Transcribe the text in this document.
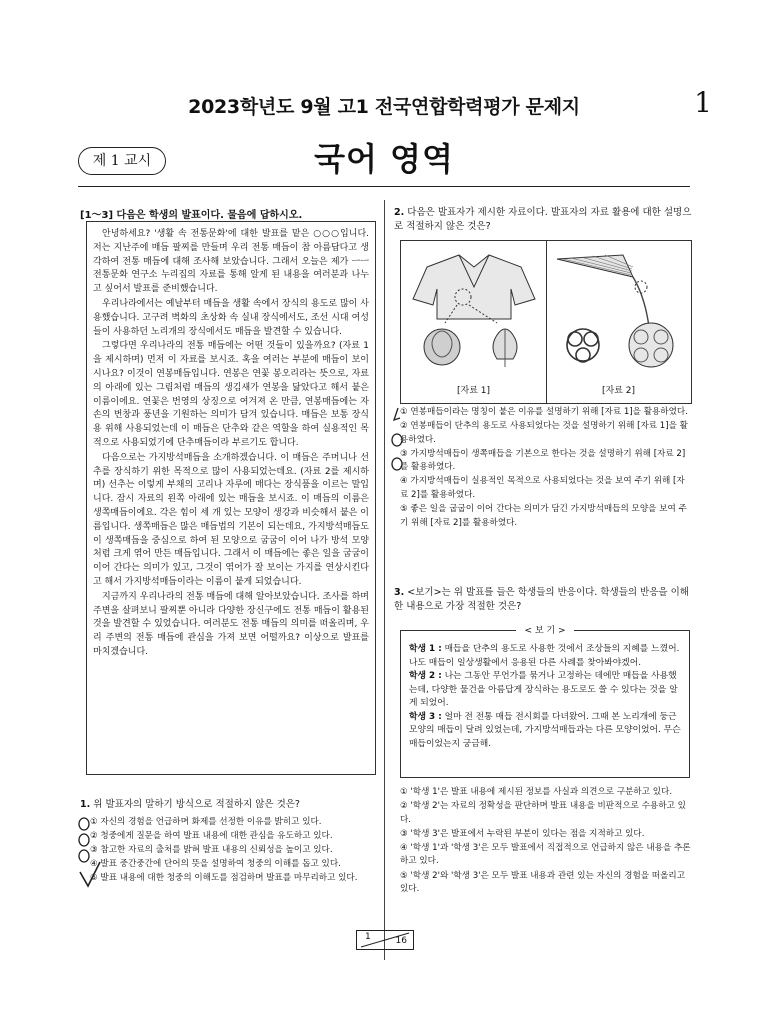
2023학년도 9월 고1 전국연합학력평가 문제지	1
제 1 교시	국어 영역
[1～3] 다음은 학생의 발표이다. 물음에 답하시오.

안녕하세요? '생활 속 전통문화'에 대한 발표를 맡은 ○○○입니다. 저는 지난주에 매듭 팔찌를 만들며 우리 전통 매듭이 참 아름답다고 생각하여 전통 매듭에 대해 조사해 보았습니다. 그래서 오늘은 제가 ㅡㅡ전통문화 연구소 누리집의 자료를 통해 알게 된 내용을 여러분과 나누고 싶어서 발표를 준비했습니다.

우리나라에서는 예날부터 매듭을 생활 속에서 장식의 용도로 많이 사용했습니다. 고구려 벽화의 초상화 속 실내 장식에서도, 조선 시대 여성들이 사용하던 노리개의 장식에서도 매듭을 발견할 수 있습니다.

그렇다면 우리나라의 전통 매듭에는 어떤 것들이 있을까요? (자료 1을 제시하며) 먼저 이 자료를 보시죠. 혹을 여러는 부분에 매듭이 보이시나요? 이것이 연봉매듭입니다. 연봉은 연꽃 봉오리라는 뜻으로, 자료의 아래에 있는 그림처럼 매듭의 생김새가 연봉을 닮았다고 해서 붙은 이름이에요. 연꽃은 번영의 상징으로 여겨져 온 만큼, 연봉매듭에는 자손의 번창과 풍년을 기원하는 의미가 담겨 있습니다. 매듭은 보통 장식용 위해 사용되었는데 이 매듭은 단추와 같은 역할을 하여 실용적인 목적으로 사용되었기에 단추매듭이라 부르기도 합니다.

다음으로는 가지방석매듭을 소개하겠습니다. 이 매듭은 주머니나 선추를 장식하기 위한 목적으로 많이 사용되었는데요. (자료 2를 제시하며) 선추는 이렇게 부채의 고리나 자루에 매다는 장식품을 이르는 말입니다. 잠시 자료의 왼쪽 아래에 있는 매듭을 보시죠. 이 매듭의 이름은 생쪽매듭이에요. 각은 힘이 세 개 있는 모양이 생강과 비슷해서 붙은 이름입니다. 생쪽매듭은 많은 매듭법의 기본이 되는데요, 가지방석매듭도 이 생쪽매듭을 중심으로 하여 된 모양으로 굽굽이 이어 나가 방석 모양처럼 크게 엮어 만든 매듭입니다. 그래서 이 매듭에는 좋은 일을 굽굽이 이어 간다는 의미가 있고, 그것이 엮어가 잘 보이는 가지를 연상시킨다고 해서 가지방석매듭이라는 이름이 붙게 되었습니다.

지금까지 우리나라의 전통 매듭에 대해 알아보았습니다. 조사를 하며 주변을 살펴보니 팔찌뿐 아니라 다양한 장신구에도 전통 매듭이 활용된 것을 발견할 수 있었습니다. 여러분도 전통 매듭의 의미를 떠올리며, 우리 주변의 전통 매듭에 관심을 가져 보면 어떨까요? 이상으로 발표를 마치겠습니다.

1. 위 발표자의 말하기 방식으로 적절하지 않은 것은?
① 자신의 경험을 언급하며 화제를 선정한 이유를 밝히고 있다.
② 청중에게 질문을 하여 발표 내용에 대한 관심을 유도하고 있다.
③ 참고한 자료의 출처를 밝혀 발표 내용의 신뢰성을 높이고 있다.
④ 발표 중간중간에 단어의 뜻을 설명하여 청중의 이해를 돕고 있다.
⑤ 발표 내용에 대한 청중의 이해도를 점검하며 발표를 마무리하고 있다.
2. 다음은 발표자가 제시한 자료이다. 발표자의 자료 활용에 대한 설명으로 적절하지 않은 것은?
[자료 1]	[자료 2]
① 연봉매듭이라는 명칭이 붙은 이유를 설명하기 위해 [자료 1]을 활용하였다.
② 연봉매듭이 단추의 용도로 사용되었다는 것을 설명하기 위해 [자료 1]을 활용하였다.
③ 가지방석매듭이 생쪽매듭을 기본으로 한다는 것을 설명하기 위해 [자료 2]를 활용하였다.
④ 가지방석매듭이 실용적인 목적으로 사용되었다는 것을 보여 주기 위해 [자료 2]를 활용하였다.
⑤ 좋은 일을 굽굽이 이어 간다는 의미가 담긴 가지방석매듭의 모양을 보여 주기 위해 [자료 2]를 활용하였다.
3. <보기>는 위 발표를 들은 학생들의 반응이다. 학생들의 반응을 이해한 내용으로 가장 적절한 것은?
< 보 기 >
학생 1 : 매듭을 단추의 용도로 사용한 것에서 조상들의 지혜를 느꼈어. 나도 매듭이 일상생활에서 응용된 다른 사례를 찾아봐야겠어.
학생 2 : 나는 그동안 무언가를 묶거나 고정하는 데에만 매듭을 사용했는데, 다양한 물건을 아름답게 장식하는 용도로도 쓸 수 있다는 것을 알게 되었어.
학생 3 : 얼마 전 전통 매듭 전시회를 다녀왔어. 그때 본 노리개에 둥근 모양의 매듭이 달려 있었는데, 가지방석매듭과는 다른 모양이었어. 무슨 매듭이었는지 궁금해.
① '학생 1'은 발표 내용에 제시된 정보를 사실과 의견으로 구분하고 있다.
② '학생 2'는 자료의 정확성을 판단하며 발표 내용을 비판적으로 수용하고 있다.
③ '학생 3'은 발표에서 누락된 부분이 있다는 점을 지적하고 있다.
④ '학생 1'과 '학생 3'은 모두 발표에서 직접적으로 언급하지 않은 내용을 추론하고 있다.
⑤ '학생 2'와 '학생 3'은 모두 발표 내용과 관련 있는 자신의 경험을 떠올리고 있다.
1	16
